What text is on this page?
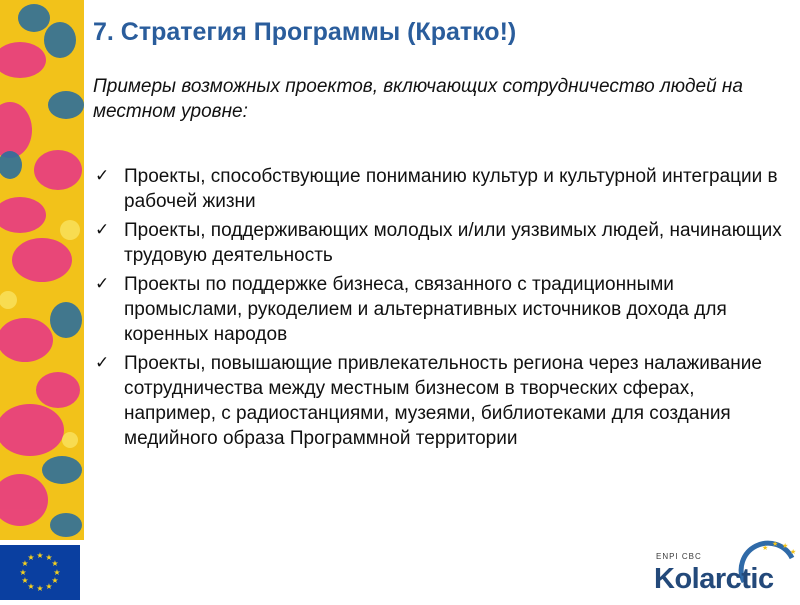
★ ★
★
★
★
★
★
★
★
★
★
★
7. Стратегия Программы (Кратко!)
Примеры возможных проектов, включающих сотрудничество людей на местном уровне:
✓ Проекты, способствующие пониманию культур и культурной интеграции в рабочей жизни
✓ Проекты, поддерживающих молодых и/или уязвимых людей, начинающих трудовую деятельность
✓ Проекты по поддержке бизнеса, связанного с традиционными промыслами, рукоделием и альтернативных источников дохода для коренных народов
✓ Проекты, повышающие привлекательность региона через налаживание сотрудничества между местным бизнесом в творческих сферах, например, с радиостанциями, музеями, библиотеками для создания медийного образа Программной территории
★ ★ ★
★
ENPI CBC
Kolarctic
